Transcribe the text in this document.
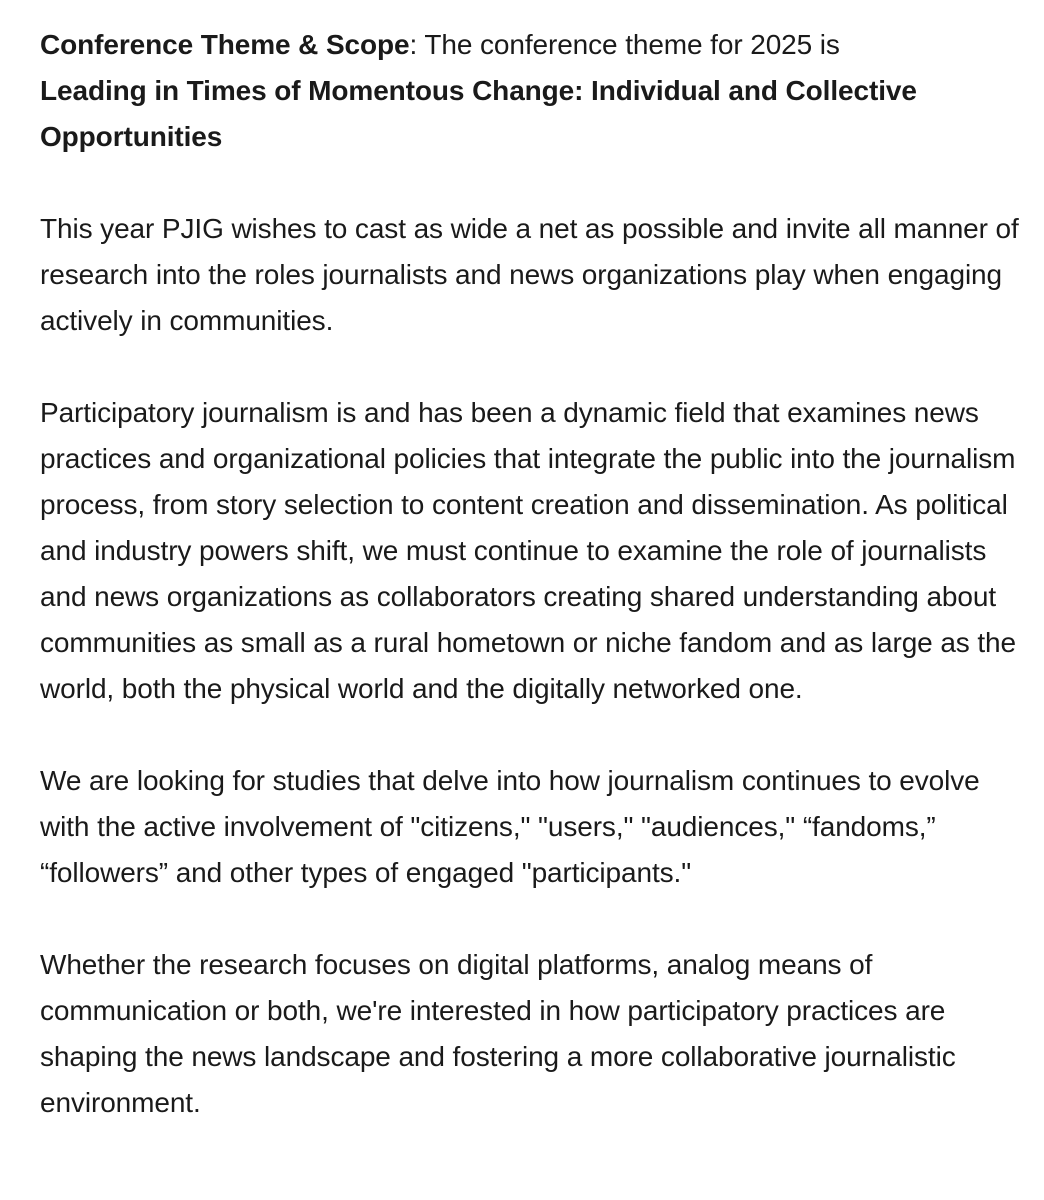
Conference Theme & Scope: The conference theme for 2025 is
Leading in Times of Momentous Change: Individual and Collective Opportunities

This year PJIG wishes to cast as wide a net as possible and invite all manner of research into the roles journalists and news organizations play when engaging actively in communities.

Participatory journalism is and has been a dynamic field that examines news practices and organizational policies that integrate the public into the journalism process, from story selection to content creation and dissemination. As political and industry powers shift, we must continue to examine the role of journalists and news organizations as collaborators creating shared understanding about communities as small as a rural hometown or niche fandom and as large as the world, both the physical world and the digitally networked one.

We are looking for studies that delve into how journalism continues to evolve with the active involvement of "citizens," "users," "audiences," “fandoms,” “followers” and other types of engaged "participants."

Whether the research focuses on digital platforms, analog means of communication or both, we're interested in how participatory practices are shaping the news landscape and fostering a more collaborative journalistic environment.
